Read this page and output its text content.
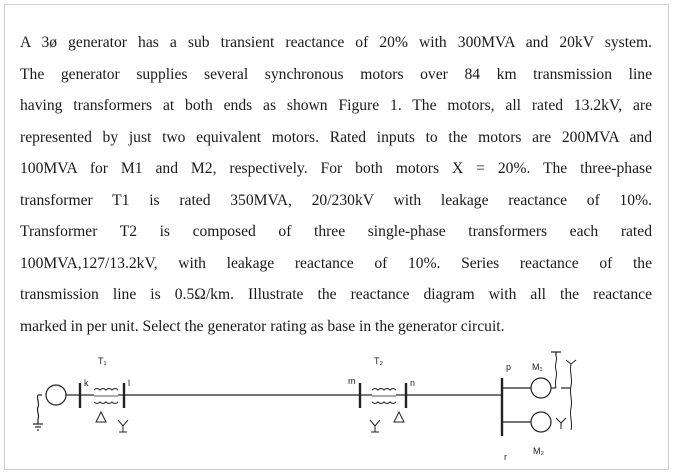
A 3ø generator has a sub transient reactance of 20% with 300MVA and 20kV system.
The generator supplies several synchronous motors over 84 km transmission line
having transformers at both ends as shown Figure 1. The motors, all rated 13.2kV, are
represented by just two equivalent motors. Rated inputs to the motors are 200MVA and
100MVA for M1 and M2, respectively. For both motors X = 20%. The three-phase
transformer T1 is rated 350MVA, 20/230kV with leakage reactance of 10%.
Transformer T2 is composed of three single-phase transformers each rated
100MVA,127/13.2kV, with leakage reactance of 10%. Series reactance of the
transmission line is 0.5Ω/km. Illustrate the reactance diagram with all the reactance
marked in per unit. Select the generator rating as base in the generator circuit.
k
T₁
l	m
T₂
n
p
r
M₁
M₂
